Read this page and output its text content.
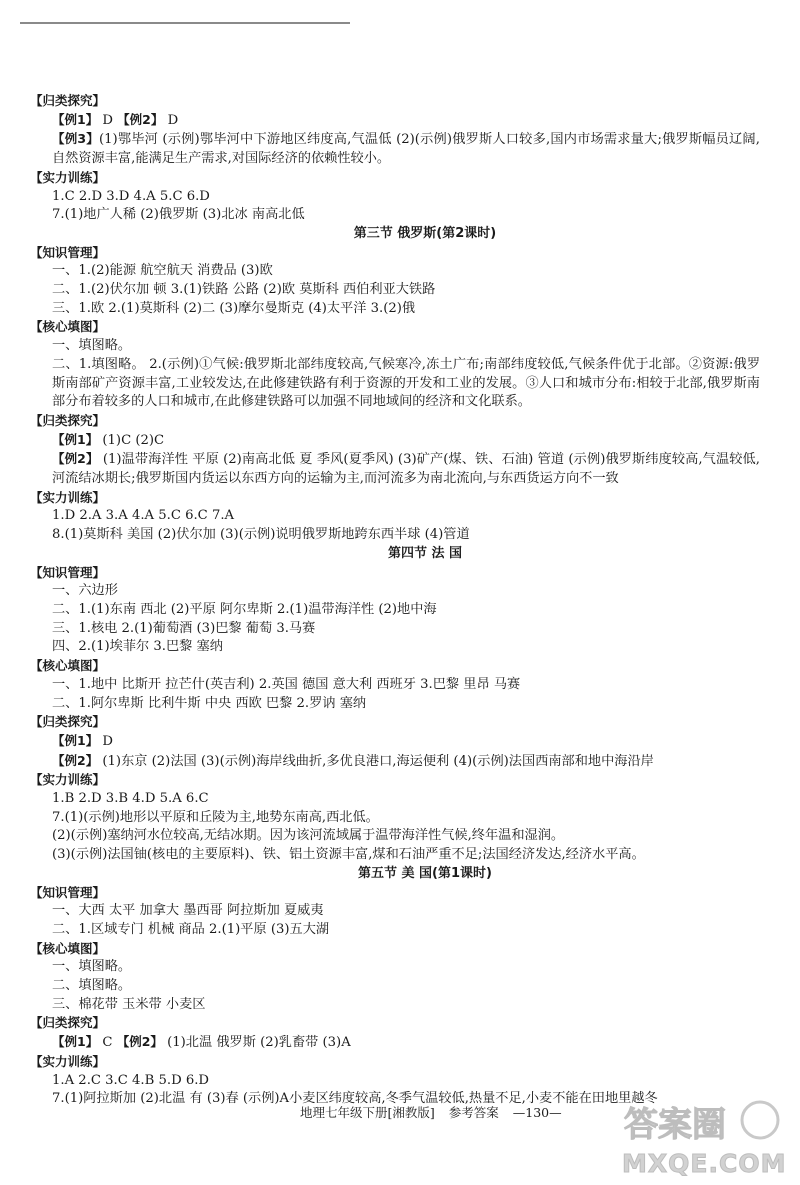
【归类探究】
【例1】 D 【例2】 D
【例3】(1)鄂毕河 (示例)鄂毕河中下游地区纬度高,气温低 (2)(示例)俄罗斯人口较多,国内市场需求量大;俄罗斯幅员辽阔,自然资源丰富,能满足生产需求,对国际经济的依赖性较小。
【实力训练】
1.C 2.D 3.D 4.A 5.C 6.D
7.(1)地广人稀 (2)俄罗斯 (3)北冰 南高北低
第三节 俄罗斯(第2课时)
【知识管理】
一、1.(2)能源 航空航天 消费品 (3)欧
二、1.(2)伏尔加 顿 3.(1)铁路 公路 (2)欧 莫斯科 西伯利亚大铁路
三、1.欧 2.(1)莫斯科 (2)二 (3)摩尔曼斯克 (4)太平洋 3.(2)俄
【核心填图】
一、填图略。
二、1.填图略。 2.(示例)①气候:俄罗斯北部纬度较高,气候寒冷,冻土广布;南部纬度较低,气候条件优于北部。②资源:俄罗斯南部矿产资源丰富,工业较发达,在此修建铁路有利于资源的开发和工业的发展。③人口和城市分布:相较于北部,俄罗斯南部分布着较多的人口和城市,在此修建铁路可以加强不同地域间的经济和文化联系。
【归类探究】
【例1】 (1)C (2)C
【例2】 (1)温带海洋性 平原 (2)南高北低 夏 季风(夏季风) (3)矿产(煤、铁、石油) 管道 (示例)俄罗斯纬度较高,气温较低,河流结冰期长;俄罗斯国内货运以东西方向的运输为主,而河流多为南北流向,与东西货运方向不一致
【实力训练】
1.D 2.A 3.A 4.A 5.C 6.C 7.A
8.(1)莫斯科 美国 (2)伏尔加 (3)(示例)说明俄罗斯地跨东西半球 (4)管道
第四节 法 国
【知识管理】
一、六边形
二、1.(1)东南 西北 (2)平原 阿尔卑斯 2.(1)温带海洋性 (2)地中海
三、1.核电 2.(1)葡萄酒 (3)巴黎 葡萄 3.马赛
四、2.(1)埃菲尔 3.巴黎 塞纳
【核心填图】
一、1.地中 比斯开 拉芒什(英吉利) 2.英国 德国 意大利 西班牙 3.巴黎 里昂 马赛
二、1.阿尔卑斯 比利牛斯 中央 西欧 巴黎 2.罗讷 塞纳
【归类探究】
【例1】 D
【例2】 (1)东京 (2)法国 (3)(示例)海岸线曲折,多优良港口,海运便利 (4)(示例)法国西南部和地中海沿岸
【实力训练】
1.B 2.D 3.B 4.D 5.A 6.C
7.(1)(示例)地形以平原和丘陵为主,地势东南高,西北低。
(2)(示例)塞纳河水位较高,无结冰期。因为该河流域属于温带海洋性气候,终年温和湿润。
(3)(示例)法国铀(核电的主要原料)、铁、铝土资源丰富,煤和石油严重不足;法国经济发达,经济水平高。
第五节 美 国(第1课时)
【知识管理】
一、大西 太平 加拿大 墨西哥 阿拉斯加 夏威夷
二、1.区域专门 机械 商品 2.(1)平原 (3)五大湖
【核心填图】
一、填图略。
二、填图略。
三、棉花带 玉米带 小麦区
【归类探究】
【例1】 C 【例2】 (1)北温 俄罗斯 (2)乳畜带 (3)A
【实力训练】
1.A 2.C 3.C 4.B 5.D 6.D
7.(1)阿拉斯加 (2)北温 有 (3)春 (示例)A小麦区纬度较高,冬季气温较低,热量不足,小麦不能在田地里越冬
地理七年级下册[湘教版] 参考答案 —130— 答案圈
MXQE.COM
